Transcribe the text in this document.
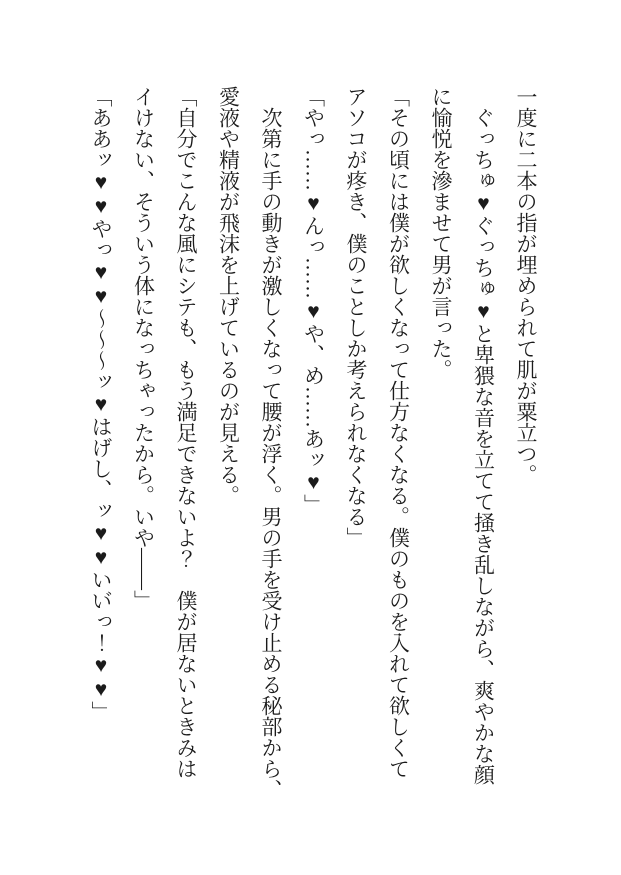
一度に二本の指が埋められて肌が粟立つ。
　ぐっちゅ♥ぐっちゅ♥と卑猥な音を立てて掻き乱しながら、爽やかな顔
に愉悦を滲ませて男が言った。
「その頃には僕が欲しくなって仕方なくなる。僕のものを入れて欲しくて
アソコが疼き、僕のことしか考えられなくなる」
「やっ……♥んっ……♥や、め……あッ♥」
　次第に手の動きが激しくなって腰が浮く。男の手を受け止める秘部から、
愛液や精液が飛沫を上げているのが見える。
「自分でこんな風にシテも、もう満足できないよ？　僕が居ないときみは
イけない、そういう体になっちゃったから。いや――」
「ああッ♥♥やっ♥♥〜〜〜ッ♥はげし、ッ♥♥いい゙っ！♥♥」
